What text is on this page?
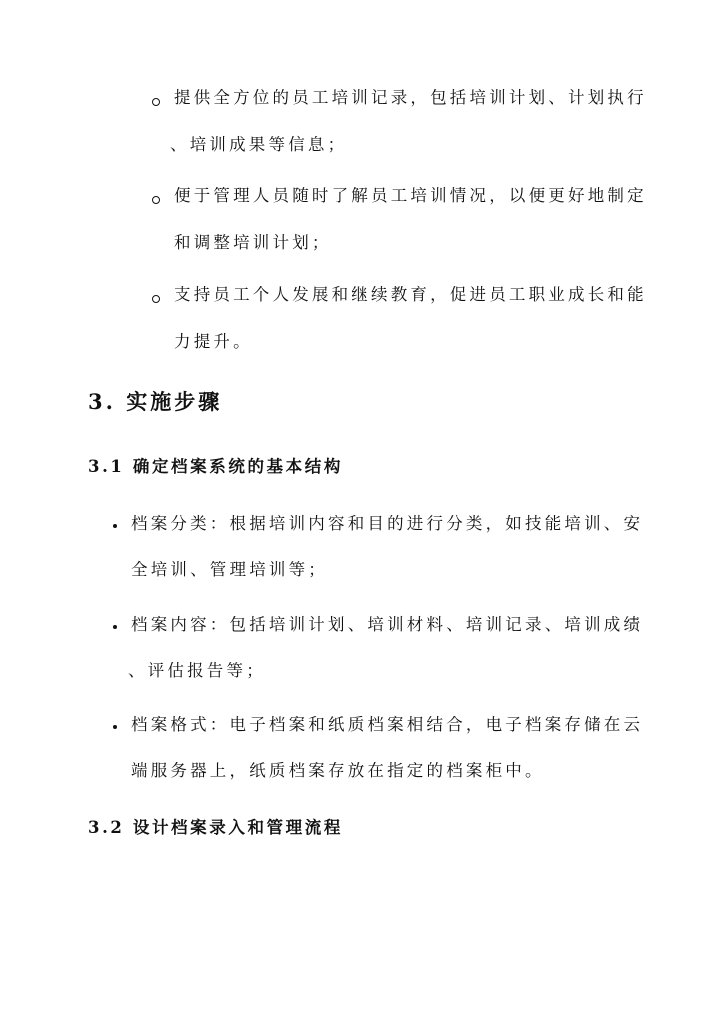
提供全方位的员工培训记录，包括培训计划、计划执行
、培训成果等信息；
便于管理人员随时了解员工培训情况，以便更好地制定
和调整培训计划；
支持员工个人发展和继续教育，促进员工职业成长和能
力提升。
3. 实施步骤
3.1 确定档案系统的基本结构
档案分类：根据培训内容和目的进行分类，如技能培训、安
全培训、管理培训等；
档案内容：包括培训计划、培训材料、培训记录、培训成绩
、评估报告等；
档案格式：电子档案和纸质档案相结合，电子档案存储在云
端服务器上，纸质档案存放在指定的档案柜中。
3.2 设计档案录入和管理流程
